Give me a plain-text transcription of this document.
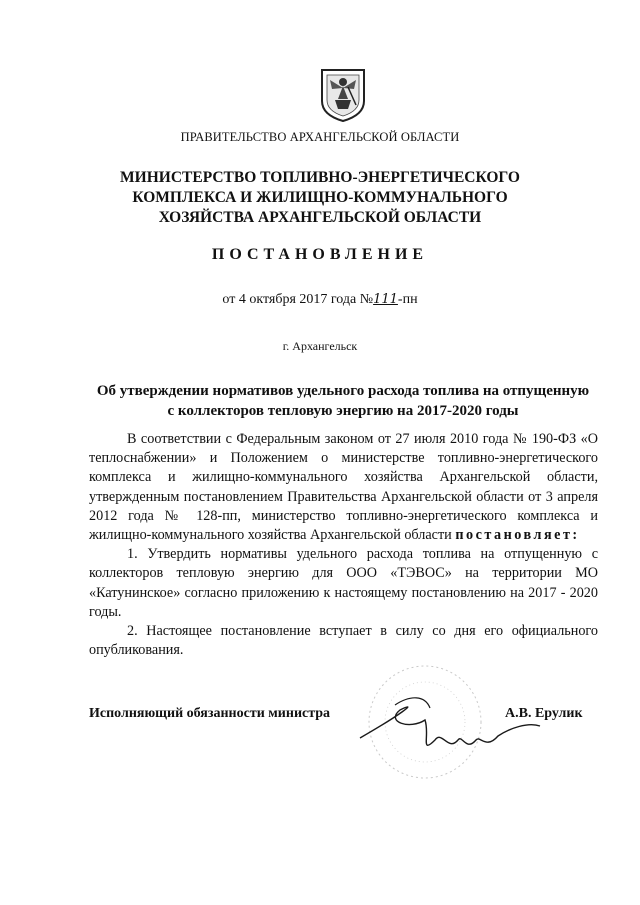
ПРАВИТЕЛЬСТВО АРХАНГЕЛЬСКОЙ ОБЛАСТИ
МИНИСТЕРСТВО ТОПЛИВНО-ЭНЕРГЕТИЧЕСКОГО
КОМПЛЕКСА И ЖИЛИЩНО-КОММУНАЛЬНОГО
ХОЗЯЙСТВА АРХАНГЕЛЬСКОЙ ОБЛАСТИ
ПОСТАНОВЛЕНИЕ
от 4 октября 2017 года №111-пн
г. Архангельск
Об утверждении нормативов удельного расхода топлива на отпущенную
с коллекторов тепловую энергию на 2017-2020 годы

В соответствии с Федеральным законом от 27 июля 2010 года № 190-ФЗ «О теплоснабжении» и Положением о министерстве топливно-энергетического комплекса и жилищно-коммунального хозяйства Архангельской области, утвержденным постановлением Правительства Архангельской области от 3 апреля 2012 года № 128-пп, министерство топливно-энергетического комплекса и жилищно-коммунального хозяйства Архангельской области постановляет:

1. Утвердить нормативы удельного расхода топлива на отпущенную с коллекторов тепловую энергию для ООО «ТЭВОС» на территории МО «Катунинское» согласно приложению к настоящему постановлению на 2017 - 2020 годы.

2. Настоящее постановление вступает в силу со дня его официального опубликования.

Исполняющий обязанности министра	А.В. Ерулик
